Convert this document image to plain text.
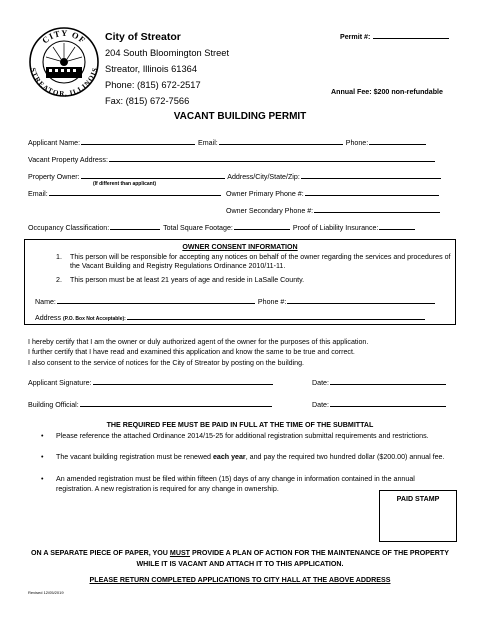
CITY OF
STREATOR, ILLINOIS
City of Streator
204 South Bloomington Street
Streator, Illinois 61364
Phone: (815) 672-2517
Fax: (815) 672-7566
Permit #:
Annual Fee: $200 non-refundable
VACANT BUILDING PERMIT
Applicant Name:	Email:	Phone:
Vacant Property Address:
Property Owner:	Address/City/State/Zip:
(If different than applicant)
Email:	Owner Primary Phone #:
Owner Secondary Phone #:
Occupancy Classification:	Total Square Footage:	Proof of Liability Insurance:
OWNER CONSENT INFORMATION
1. This person will be responsible for accepting any notices on behalf of the owner regarding the services and procedures of the Vacant Building and Registry Regulations Ordinance 2010/11-11.
2. This person must be at least 21 years of age and reside in LaSalle County.
Name:	Phone #:
Address (P.O. Box Not Acceptable):
I hereby certify that I am the owner or duly authorized agent of the owner for the purposes of this application.
I further certify that I have read and examined this application and know the same to be true and correct.
I also consent to the service of notices for the City of Streator by posting on the building.
Applicant Signature:	Date:
Building Official:	Date:
THE REQUIRED FEE MUST BE PAID IN FULL AT THE TIME OF THE SUBMITTAL
• Please reference the attached Ordinance 2014/15-25 for additional registration submittal requirements and restrictions.
• The vacant building registration must be renewed each year, and pay the required two hundred dollar ($200.00) annual fee.
• An amended registration must be filed within fifteen (15) days of any change in information contained in the annual registration. A new registration is required for any change in ownership.
PAID STAMP
ON A SEPARATE PIECE OF PAPER, YOU MUST PROVIDE A PLAN OF ACTION FOR THE MAINTENANCE OF THE PROPERTY
WHILE IT IS VACANT AND ATTACH IT TO THIS APPLICATION.
PLEASE RETURN COMPLETED APPLICATIONS TO CITY HALL AT THE ABOVE ADDRESS
Revised 12/05/2019
